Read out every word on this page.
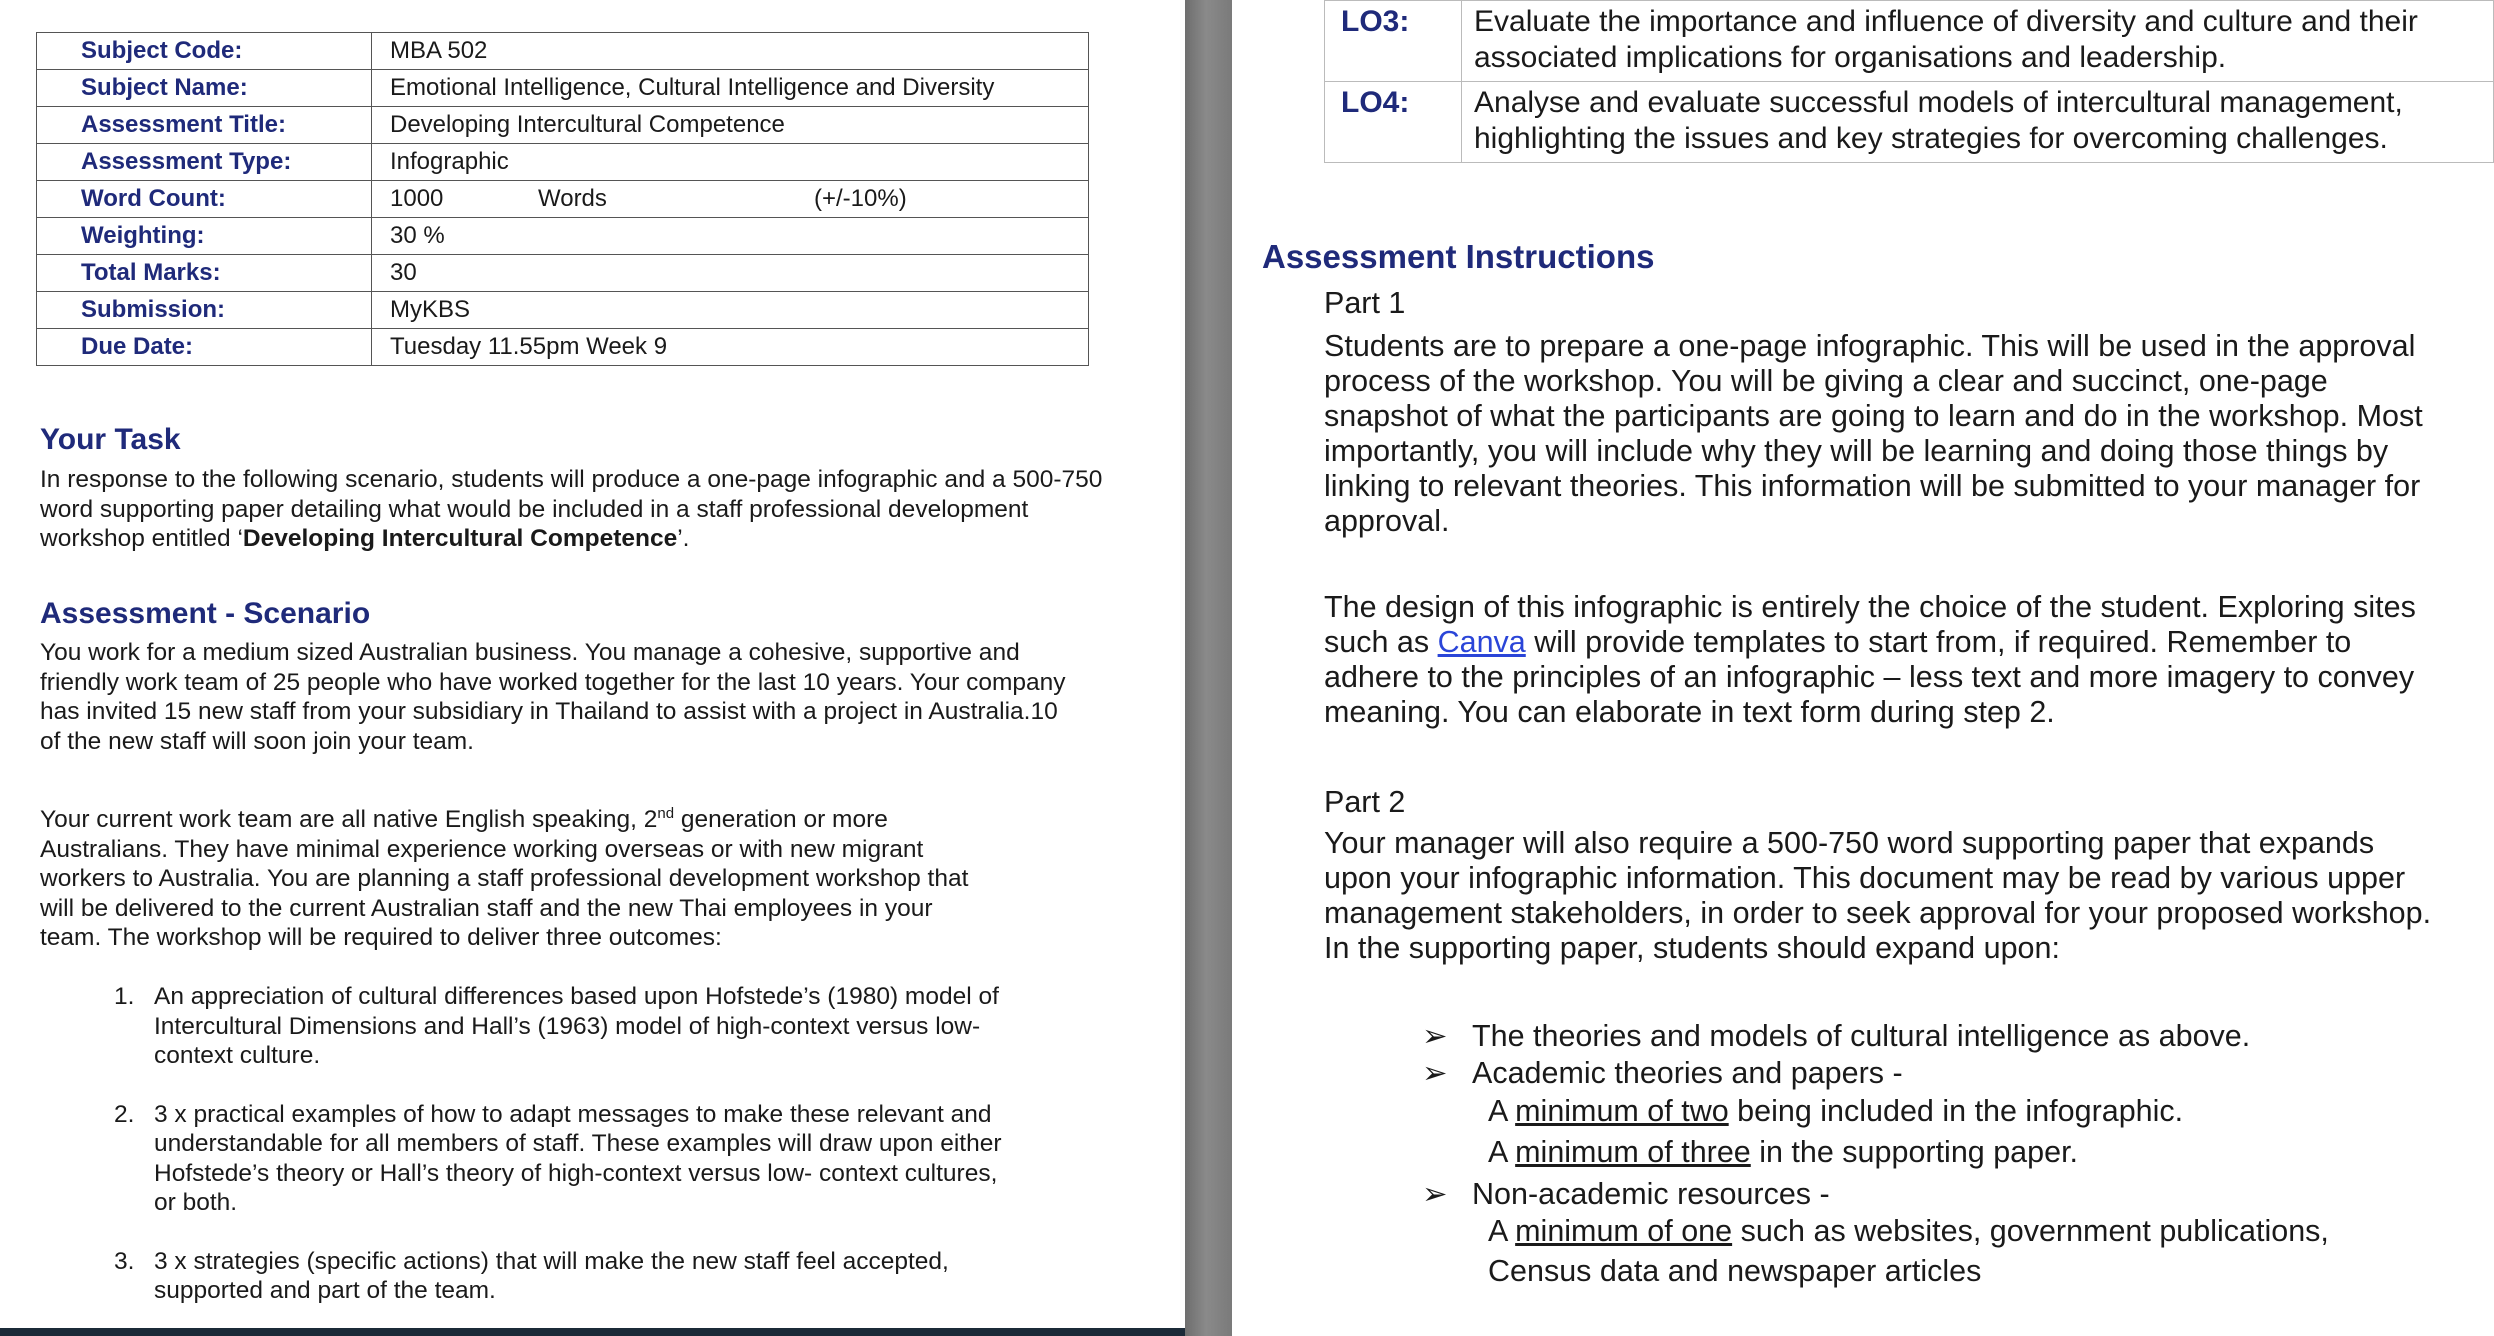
Subject Code:	MBA 502
Subject Name:	Emotional Intelligence, Cultural Intelligence and Diversity
Assessment Title:	Developing Intercultural Competence
Assessment Type:	Infographic
Word Count:	1000 Words (+/-10%)

Weighting:	30 %
Total Marks:	30
Submission:	MyKBS
Due Date:	Tuesday 11.55pm Week 9
Your Task

In response to the following scenario, students will produce a one-page infographic and a 500-750 word supporting paper detailing what would be included in a staff professional development workshop entitled ‘Developing Intercultural Competence’.

Assessment - Scenario

You work for a medium sized Australian business. You manage a cohesive, supportive and friendly work team of 25 people who have worked together for the last 10 years. Your company has invited 15 new staff from your subsidiary in Thailand to assist with a project in Australia.10 of the new staff will soon join your team.

Your current work team are all native English speaking, 2nd generation or more Australians. They have minimal experience working overseas or with new migrant workers to Australia. You are planning a staff professional development workshop that will be delivered to the current Australian staff and the new Thai employees in your team. The workshop will be required to deliver three outcomes:

1. An appreciation of cultural differences based upon Hofstede’s (1980) model of Intercultural Dimensions and Hall’s (1963) model of high-context versus low-context culture.
2. 3 x practical examples of how to adapt messages to make these relevant and understandable for all members of staff. These examples will draw upon either Hofstede’s theory or Hall’s theory of high-context versus low- context cultures, or both.
3. 3 x strategies (specific actions) that will make the new staff feel accepted, supported and part of the team.
LO3:	Evaluate the importance and influence of diversity and culture and their associated implications for organisations and leadership.
LO4:	Analyse and evaluate successful models of intercultural management, highlighting the issues and key strategies for overcoming challenges.
Assessment Instructions

Part 1

Students are to prepare a one-page infographic. This will be used in the approval process of the workshop. You will be giving a clear and succinct, one-page snapshot of what the participants are going to learn and do in the workshop. Most importantly, you will include why they will be learning and doing those things by linking to relevant theories. This information will be submitted to your manager for approval.

The design of this infographic is entirely the choice of the student. Exploring sites such as Canva will provide templates to start from, if required. Remember to adhere to the principles of an infographic – less text and more imagery to convey meaning. You can elaborate in text form during step 2.

Part 2

Your manager will also require a 500-750 word supporting paper that expands upon your infographic information. This document may be read by various upper management stakeholders, in order to seek approval for your proposed workshop. In the supporting paper, students should expand upon:

➢ The theories and models of cultural intelligence as above.
➢ Academic theories and papers -
A minimum of two being included in the infographic.
A minimum of three in the supporting paper.
➢ Non-academic resources -
A minimum of one such as websites, government publications,
Census data and newspaper articles
